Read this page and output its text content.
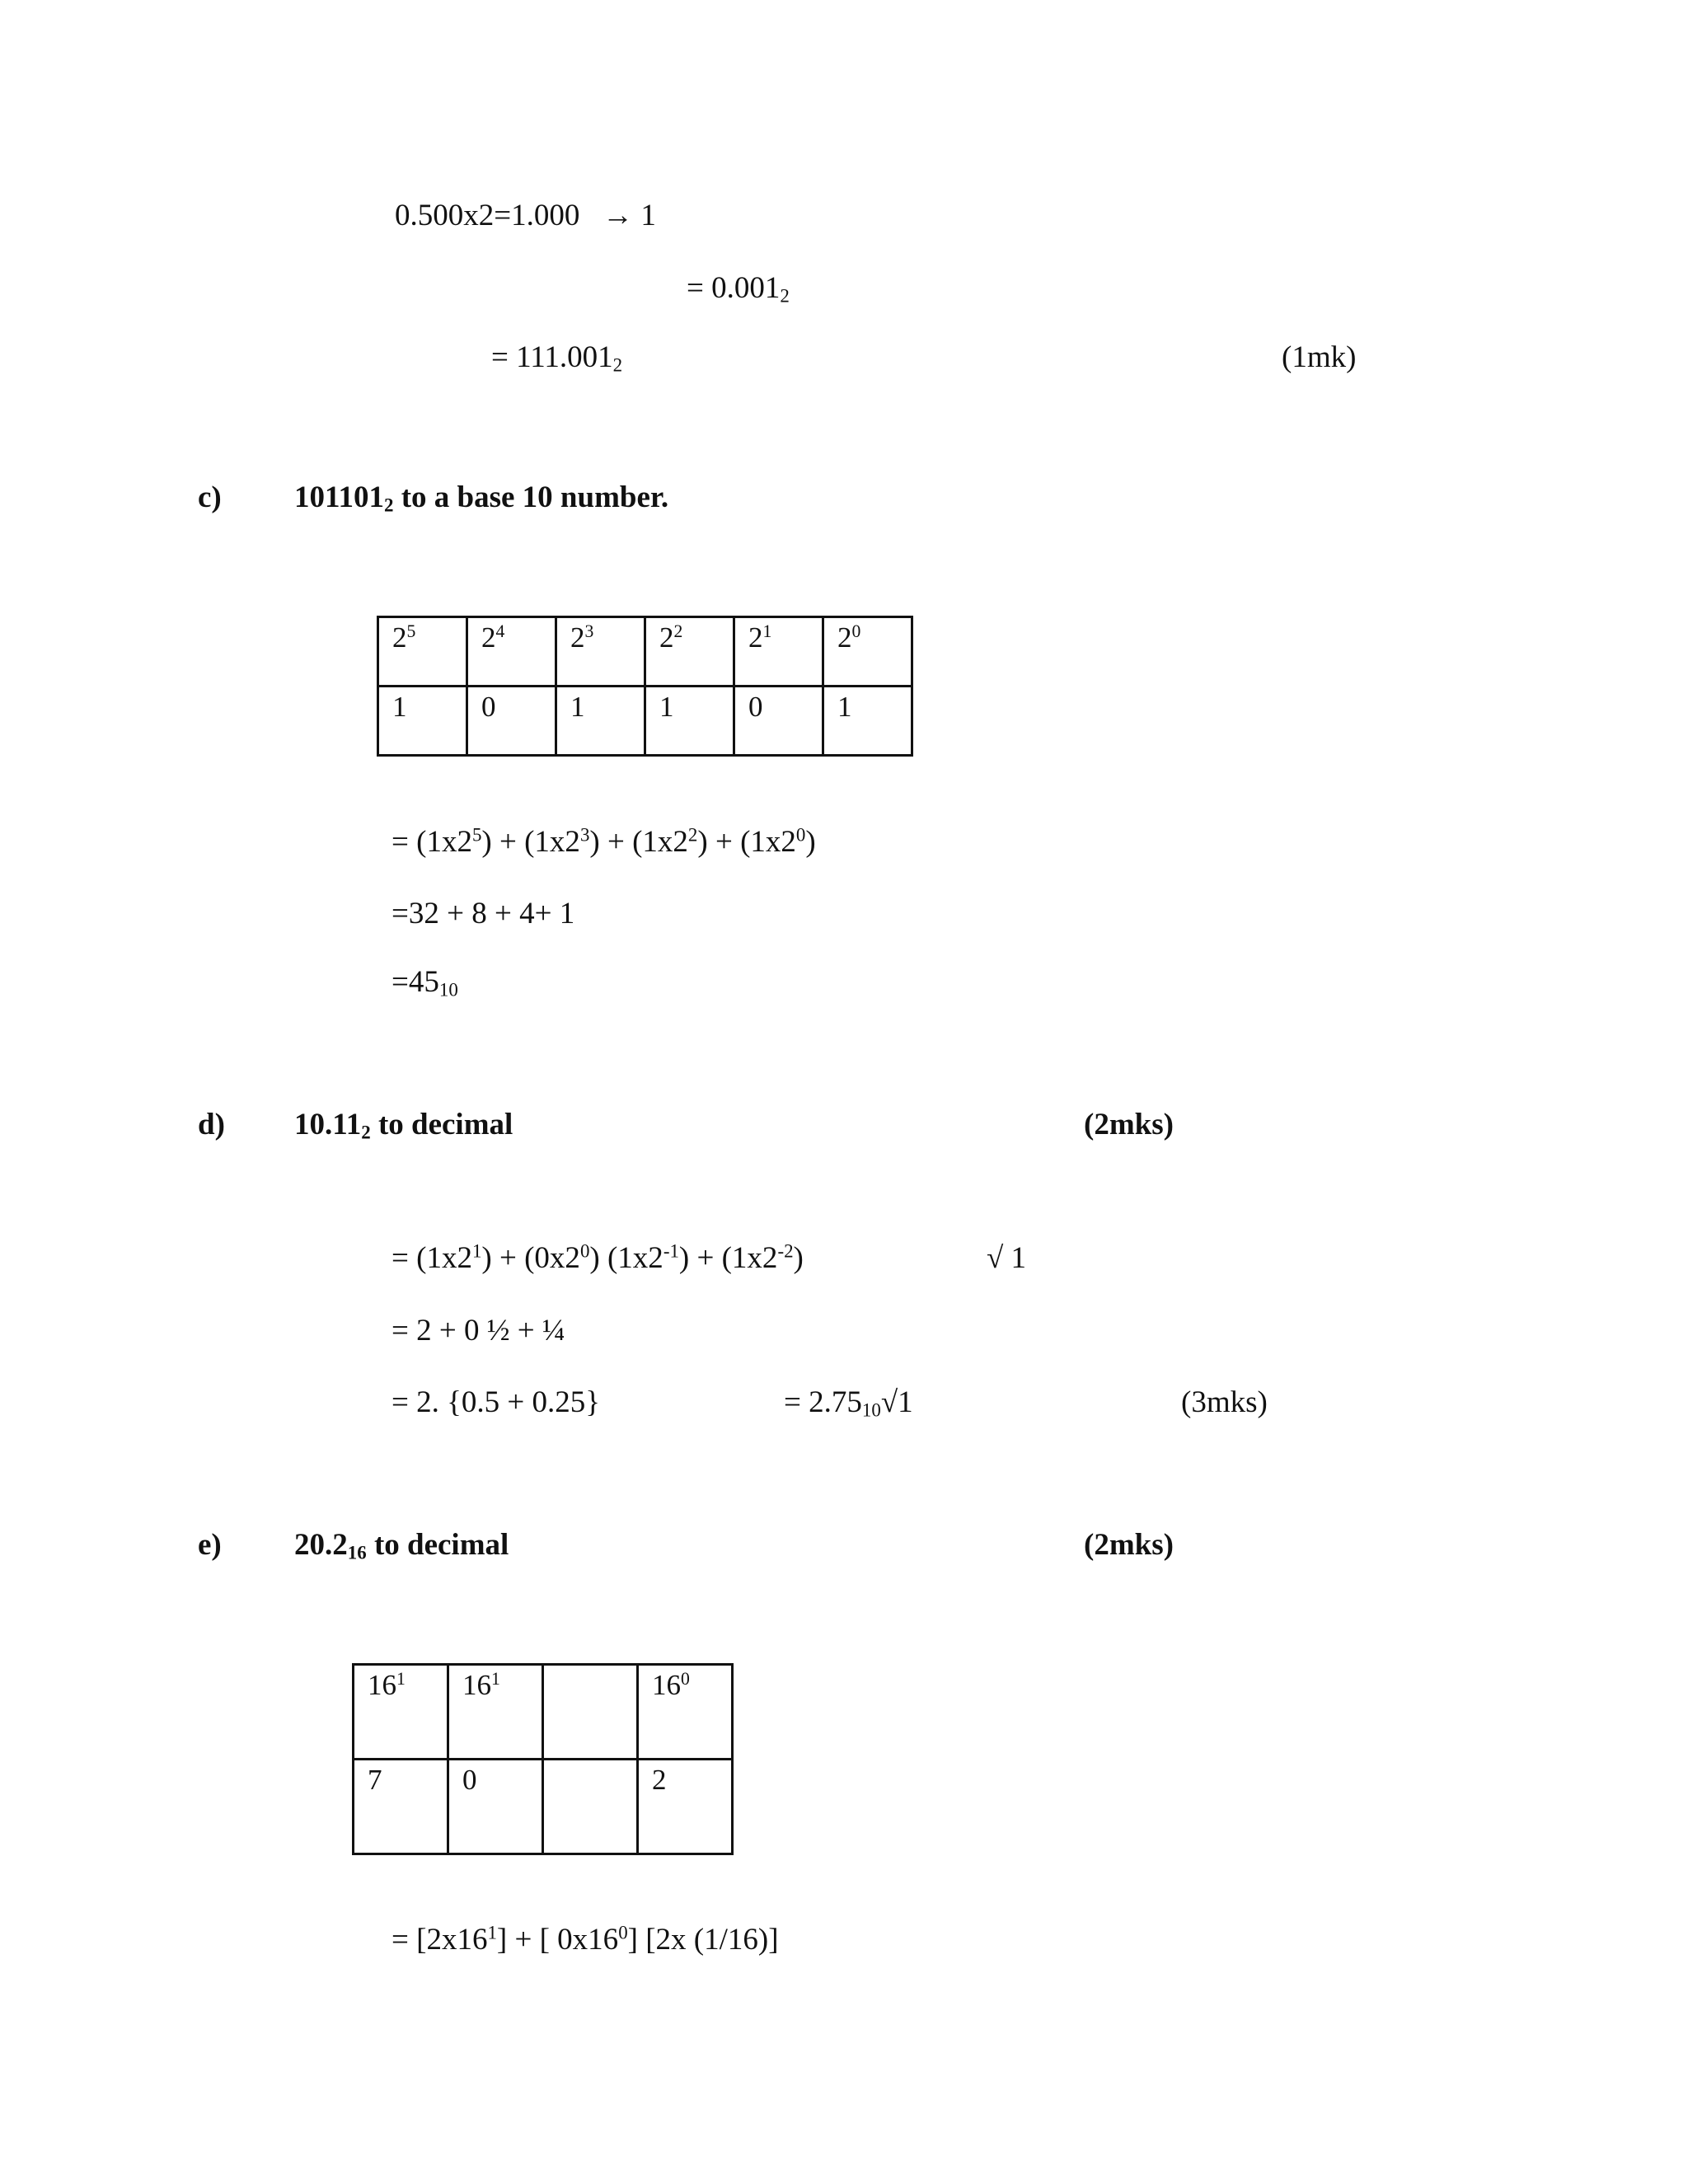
0.500x2=1.000 → 1
= $0.001_2$
= $111.001_2$	(1mk)
c) $101101_2$ to a base 10 number.
$2^5$	$2^4$	$2^3$	$2^2$	$2^1$	$2^0$

1	0	1	1	0	1
= $(1x2^5) + (1x2^3) + (1x2^2) + (1x2^0)$
=32 + 8 + 4+ 1
$=45_{10}$
d) $10.11_2$ to decimal	(2mks)
= $(1x2^1) + (0x2^0) (1x2^{-1}) + (1x2^{-2})$	√ 1
= 2 + 0 ½ + ¼
= 2. {0.5 + 0.25}	= $2.75_{10}√1$	(3mks)
e) $20.2_{16}$ to decimal	(2mks)
$16^1$	$16^1$		$16^0$

7	0		2
= $[2x16^1]$ + [ $0x16^0$] [2x (1/16)]
